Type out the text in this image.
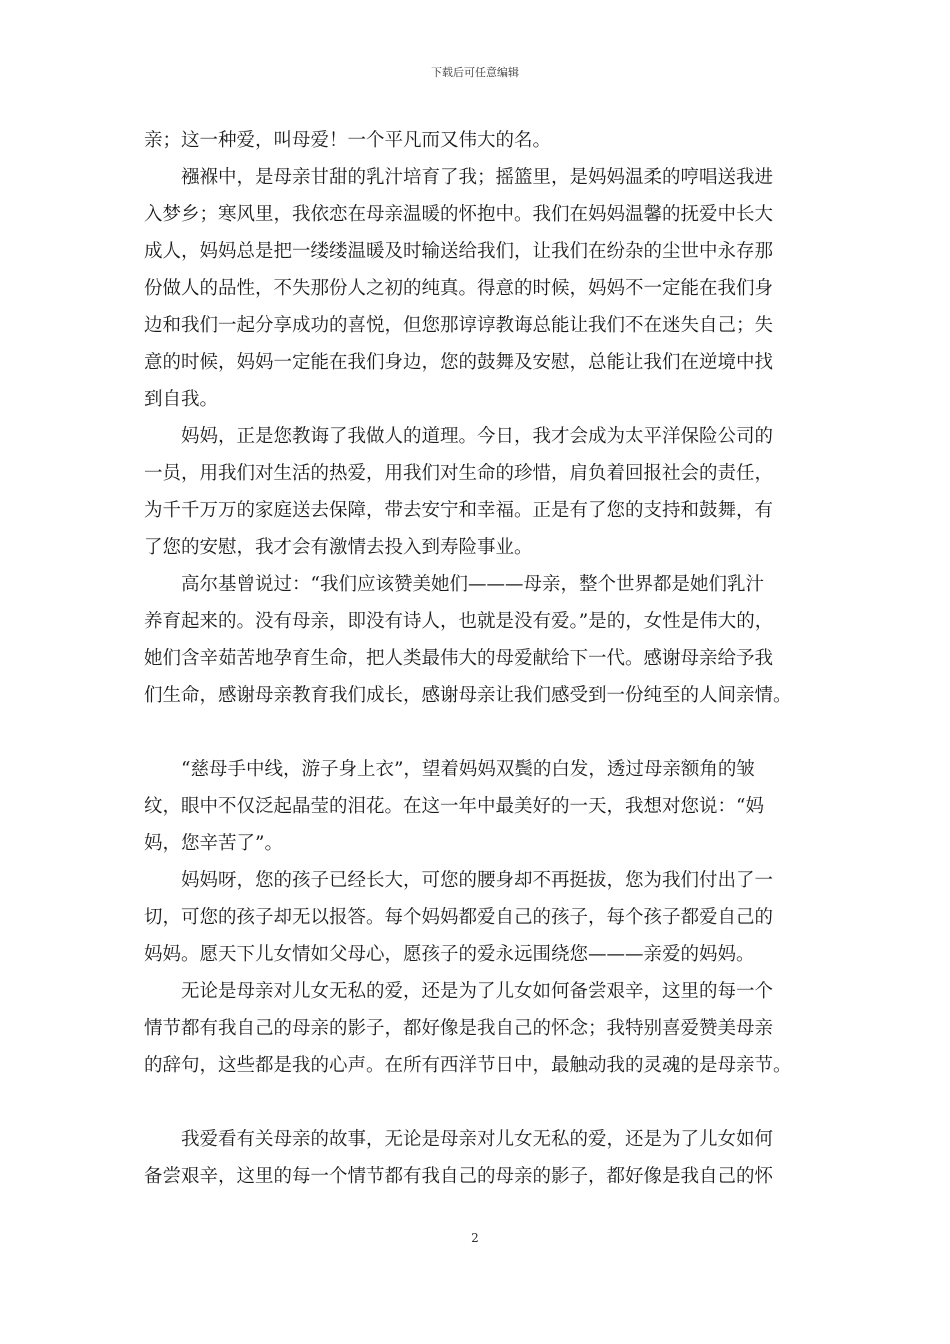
下载后可任意编辑
亲；这一种爱，叫母爱！一个平凡而又伟大的名。
襁褓中，是母亲甘甜的乳汁培育了我；摇篮里，是妈妈温柔的哼唱送我进
入梦乡；寒风里，我依恋在母亲温暖的怀抱中。我们在妈妈温馨的抚爱中长大
成人，妈妈总是把一缕缕温暖及时输送给我们，让我们在纷杂的尘世中永存那
份做人的品性，不失那份人之初的纯真。得意的时候，妈妈不一定能在我们身
边和我们一起分享成功的喜悦，但您那谆谆教诲总能让我们不在迷失自己；失
意的时候，妈妈一定能在我们身边，您的鼓舞及安慰，总能让我们在逆境中找
到自我。
妈妈，正是您教诲了我做人的道理。今日，我才会成为太平洋保险公司的
一员，用我们对生活的热爱，用我们对生命的珍惜，肩负着回报社会的责任，
为千千万万的家庭送去保障，带去安宁和幸福。正是有了您的支持和鼓舞，有
了您的安慰，我才会有激情去投入到寿险事业。
高尔基曾说过：“我们应该赞美她们———母亲，整个世界都是她们乳汁
养育起来的。没有母亲，即没有诗人，也就是没有爱。”是的，女性是伟大的，
她们含辛茹苦地孕育生命，把人类最伟大的母爱献给下一代。感谢母亲给予我
们生命，感谢母亲教育我们成长，感谢母亲让我们感受到一份纯至的人间亲情。
“慈母手中线，游子身上衣”，望着妈妈双鬓的白发，透过母亲额角的皱
纹，眼中不仅泛起晶莹的泪花。在这一年中最美好的一天，我想对您说：“妈
妈，您辛苦了”。
妈妈呀，您的孩子已经长大，可您的腰身却不再挺拔，您为我们付出了一
切，可您的孩子却无以报答。每个妈妈都爱自己的孩子，每个孩子都爱自己的
妈妈。愿天下儿女情如父母心，愿孩子的爱永远围绕您———亲爱的妈妈。
无论是母亲对儿女无私的爱，还是为了儿女如何备尝艰辛，这里的每一个
情节都有我自己的母亲的影子，都好像是我自己的怀念；我特别喜爱赞美母亲
的辞句，这些都是我的心声。在所有西洋节日中，最触动我的灵魂的是母亲节。
我爱看有关母亲的故事，无论是母亲对儿女无私的爱，还是为了儿女如何
备尝艰辛，这里的每一个情节都有我自己的母亲的影子，都好像是我自己的怀
2
